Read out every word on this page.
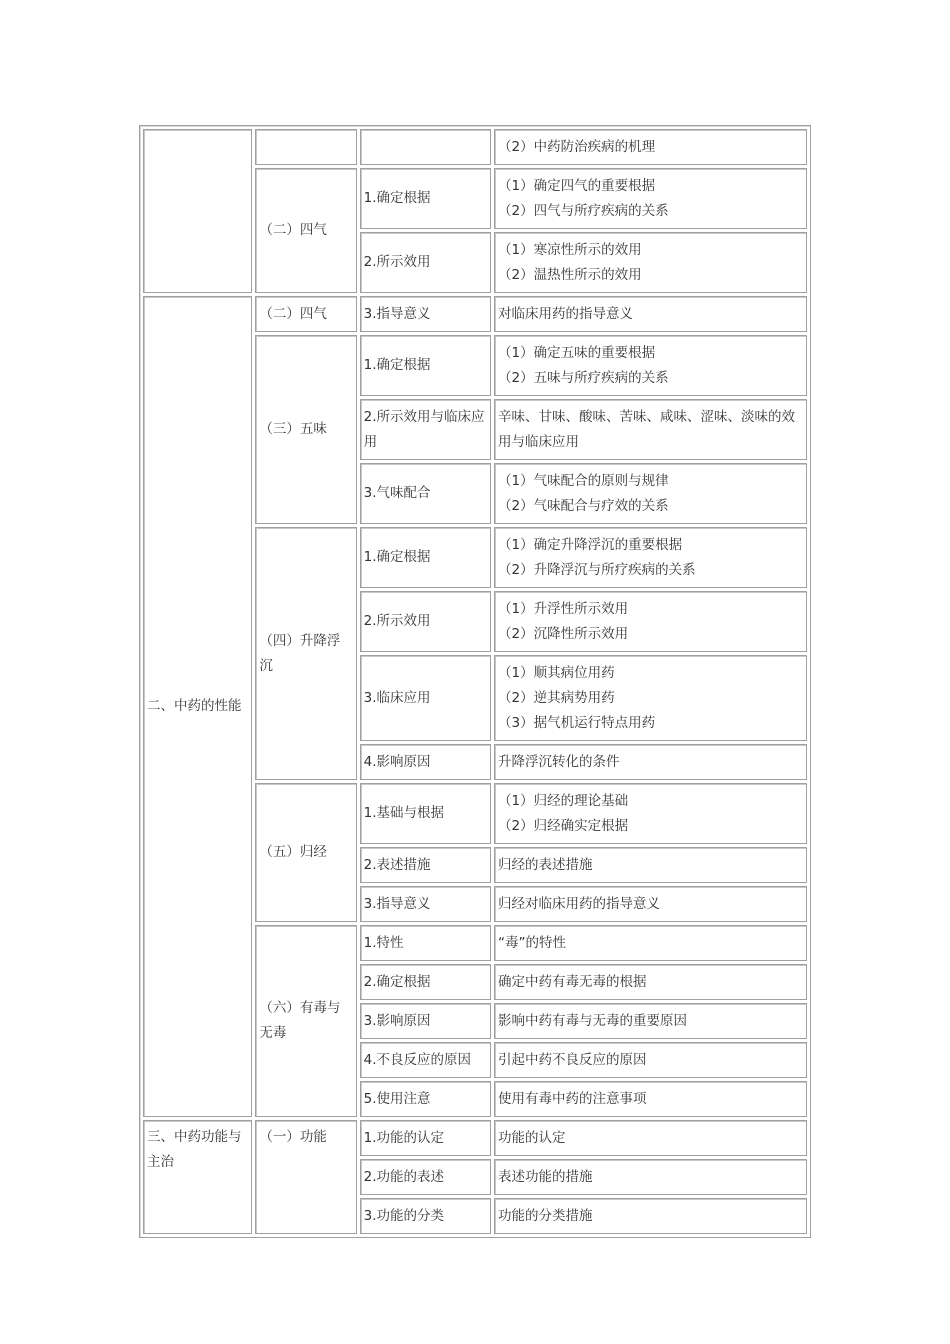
			（2）中药防治疾病的机理

	（二）四气	1.确定根据	（1）确定四气的重要根据
（2）四气与所疗疾病的关系

		2.所示效用	（1）寒凉性所示的效用
（2）温热性所示的效用

二、中药的性能	（二）四气	3.指导意义	对临床用药的指导意义

	（三）五味	1.确定根据	（1）确定五味的重要根据
（2）五味与所疗疾病的关系

		2.所示效用与临床应用	辛味、甘味、酸味、苦味、咸味、涩味、淡味的效用与临床应用

		3.气味配合	（1）气味配合的原则与规律
（2）气味配合与疗效的关系

	（四）升降浮沉	1.确定根据	（1）确定升降浮沉的重要根据
（2）升降浮沉与所疗疾病的关系

		2.所示效用	（1）升浮性所示效用
（2）沉降性所示效用

		3.临床应用	（1）顺其病位用药
（2）逆其病势用药
（3）据气机运行特点用药

		4.影响原因	升降浮沉转化的条件

	（五）归经	1.基础与根据	（1）归经的理论基础
（2）归经确实定根据

		2.表述措施	归经的表述措施

		3.指导意义	归经对临床用药的指导意义

	（六）有毒与无毒	1.特性	“毒”的特性

		2.确定根据	确定中药有毒无毒的根据

		3.影响原因	影响中药有毒与无毒的重要原因

		4.不良反应的原因	引起中药不良反应的原因

		5.使用注意	使用有毒中药的注意事项

三、中药功能与主治	（一）功能	1.功能的认定	功能的认定

		2.功能的表述	表述功能的措施

		3.功能的分类	功能的分类措施
